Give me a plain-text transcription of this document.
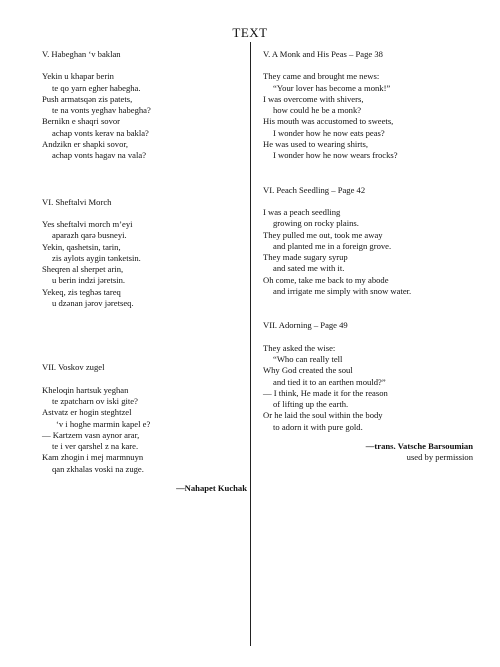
TEXT
V. Habeghan ‘v baklan
Yekin u khapar berin
te qo yarn egher habegha.
Push armatsqən zis patets,
te na vonts yeghav habegha?
Bernikn e shaqri sovor
achap vonts kerav na bakla?
Andzikn er shapki sovor,
achap vonts hagav na vala?
VI. Sheftalvi Morch
Yes sheftalvi morch m’eyi
aparazh qarə busneyi.
Yekin, qashetsin, tarin,
zis aylots aygin tənketsin.
Sheqren al sherpet arin,
u berin indzi jəretsin.
Yekeq, zis teghəs tareq
u dzənan jərov jəretseq.
VII. Voskov zugel
Kheloqin hartsuk yeghan
te zpatcharn ov iski gite?
Astvatz er hogin steghtzel
‘v i hoghe marmin kapel e?
— Kartzem vasn aynor arar,
te i ver qarshel z na kare.
Kam zhogin i mej marmnuyn
qan zkhalas voski na zuge.
—Nahapet Kuchak
V. A Monk and His Peas – Page 38
They came and brought me news:
“Your lover has become a monk!”
I was overcome with shivers,
how could he be a monk?
His mouth was accustomed to sweets,
I wonder how he now eats peas?
He was used to wearing shirts,
I wonder how he now wears frocks?
VI. Peach Seedling – Page 42
I was a peach seedling
growing on rocky plains.
They pulled me out, took me away
and planted me in a foreign grove.
They made sugary syrup
and sated me with it.
Oh come, take me back to my abode
and irrigate me simply with snow water.
VII. Adorning – Page 49
They asked the wise:
“Who can really tell
Why God created the soul
and tied it to an earthen mould?”
— I think, He made it for the reason
of lifting up the earth.
Or he laid the soul within the body
to adorn it with pure gold.
—trans. Vatsche Barsoumian
used by permission
